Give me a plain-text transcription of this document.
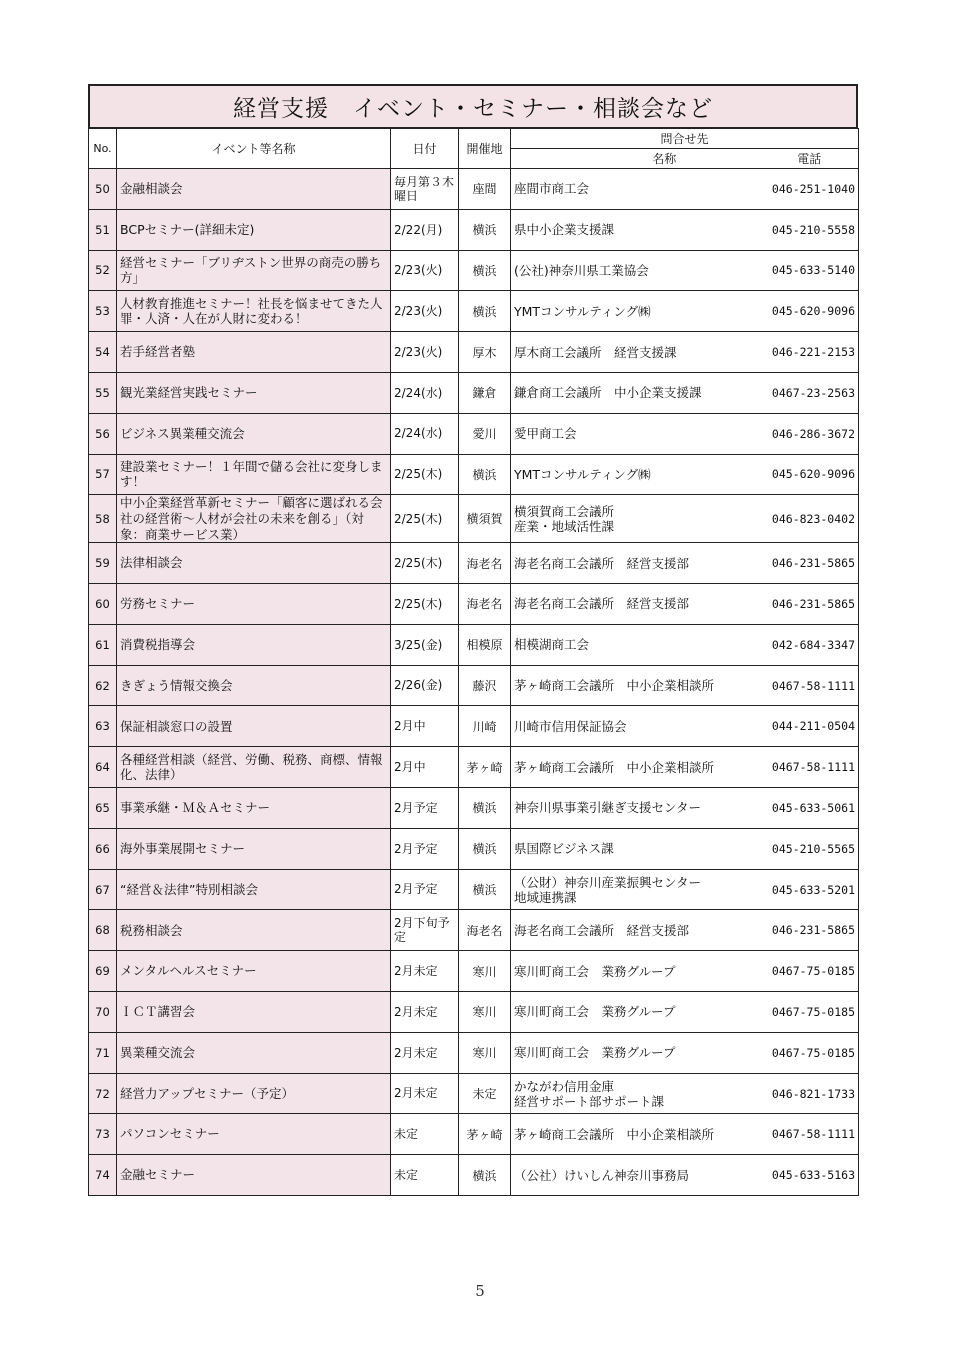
経営支援　イベント・セミナー・相談会など
No.	イベント等名称	日付	開催地	問合せ先	
				名称	電話
50	金融相談会	毎月第３木曜日	座間	座間市商工会	046-251-1040
51	BCPセミナー(詳細未定)	2/22(月)	横浜	県中小企業支援課	045-210-5558
52	経営セミナー「ブリヂストン世界の商売の勝ち方」	2/23(火)	横浜	(公社)神奈川県工業協会	045-633-5140
53	人材教育推進セミナー！社長を悩ませてきた人罪・人済・人在が人財に変わる！	2/23(火)	横浜	YMTコンサルティング㈱	045-620-9096
54	若手経営者塾	2/23(火)	厚木	厚木商工会議所　経営支援課	046-221-2153
55	観光業経営実践セミナー	2/24(水)	鎌倉	鎌倉商工会議所　中小企業支援課	0467-23-2563
56	ビジネス異業種交流会	2/24(水)	愛川	愛甲商工会	046-286-3672
57	建設業セミナー！１年間で儲る会社に変身します！	2/25(木)	横浜	YMTコンサルティング㈱	045-620-9096
58	中小企業経営革新セミナー「顧客に選ばれる会社の経営術～人材が会社の未来を創る」（対象：商業サービス業）	2/25(木)	横須賀	横須賀商工会議所
産業・地域活性課	046-823-0402
59	法律相談会	2/25(木)	海老名	海老名商工会議所　経営支援部	046-231-5865
60	労務セミナー	2/25(木)	海老名	海老名商工会議所　経営支援部	046-231-5865
61	消費税指導会	3/25(金)	相模原	相模湖商工会	042-684-3347
62	きぎょう情報交換会	2/26(金)	藤沢	茅ヶ崎商工会議所　中小企業相談所	0467-58-1111
63	保証相談窓口の設置	2月中	川崎	川崎市信用保証協会	044-211-0504
64	各種経営相談（経営、労働、税務、商標、情報化、法律）	2月中	茅ヶ崎	茅ヶ崎商工会議所　中小企業相談所	0467-58-1111
65	事業承継・Ｍ＆Ａセミナー	2月予定	横浜	神奈川県事業引継ぎ支援センター	045-633-5061
66	海外事業展開セミナー	2月予定	横浜	県国際ビジネス課	045-210-5565
67	“経営＆法律”特別相談会	2月予定	横浜	（公財）神奈川産業振興センター
地域連携課	045-633-5201
68	税務相談会	2月下旬予定	海老名	海老名商工会議所　経営支援部	046-231-5865
69	メンタルヘルスセミナー	2月未定	寒川	寒川町商工会　業務グループ	0467-75-0185
70	ＩＣＴ講習会	2月未定	寒川	寒川町商工会　業務グループ	0467-75-0185
71	異業種交流会	2月未定	寒川	寒川町商工会　業務グループ	0467-75-0185
72	経営力アップセミナー（予定）	2月未定	未定	かながわ信用金庫
経営サポート部サポート課	046-821-1733
73	パソコンセミナー	未定	茅ヶ崎	茅ヶ崎商工会議所　中小企業相談所	0467-58-1111
74	金融セミナー	未定	横浜	（公社）けいしん神奈川事務局	045-633-5163
5
